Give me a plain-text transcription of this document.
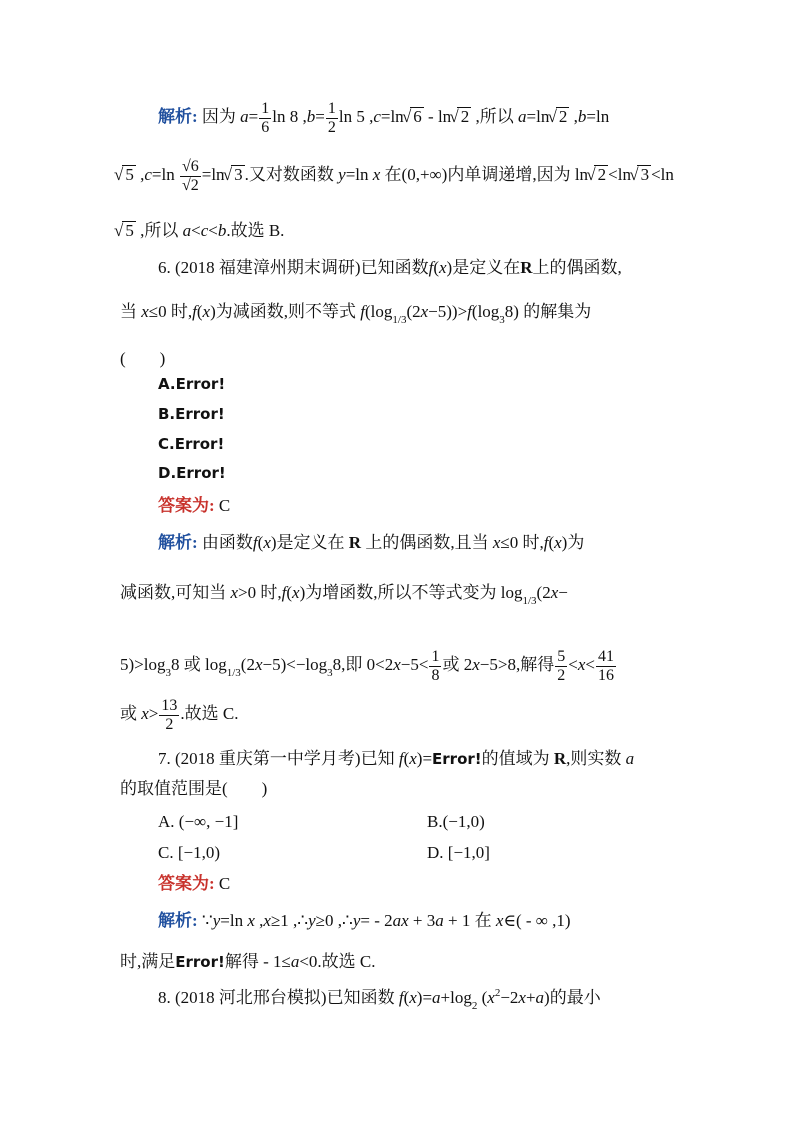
解析: 因为 $a= \frac{1}{6}$ ln 8 $,b= \frac{1}{2}$ ln 5 ,c=ln √ 6 - ln √ 2 ,所以 a=ln √ 2 ,b=ln
√ 5 $,c=\ln \frac{√6}{√2} =\ln$ √ 3 .又对数函数 y=ln x 在(0,+∞)内单调递增,因为 ln √ 2 <ln √ 3 <ln
√ 5 ,所以 a<c<b.故选 B.
6. (2018 福建漳州期末调研)已知函数f(x)是定义在R上的偶函数,
当 x≤0 时,f(x)为减函数,则不等式 $f(\log_{1/3}(2x-5))>f(\log_38)$ 的解集为
(　　)
A.Error!
B.Error!
C.Error!
D.Error!
答案为: C
解析: 由函数f(x)是定义在 R 上的偶函数,且当 x≤0 时,f(x)为
减函数,可知当 x>0 时,f(x)为增函数,所以不等式变为 $\log_{1/3}(2x-$
$5)>\log_38$ 或 $\log_{1/3}(2x-5)<-\log_38$,即 $0<2x-5< \frac{1}{8}$ 或 2x−5>8,解得 $\frac{5}{2} <x< \frac{41}{16}$
或 $x> \frac{13}{2}$ .故选 C.
7. (2018 重庆第一中学月考)已知 f(x)=Error!的值域为 R,则实数 a
的取值范围是(　　)
A. (−∞, −1]	B.(−1,0)
C. [−1,0)	D. [−1,0]
答案为: C
解析: ∵y=ln x ,x≥1 ,∴y≥0 ,∴y= - 2ax + 3a + 1 在 x∈( - ∞ ,1)
时,满足Error!解得 - 1≤a<0.故选 C.
8. (2018 河北邢台模拟)已知函数 $f(x)=a+\log_2$ $(x^2-2x+a)$的最小
